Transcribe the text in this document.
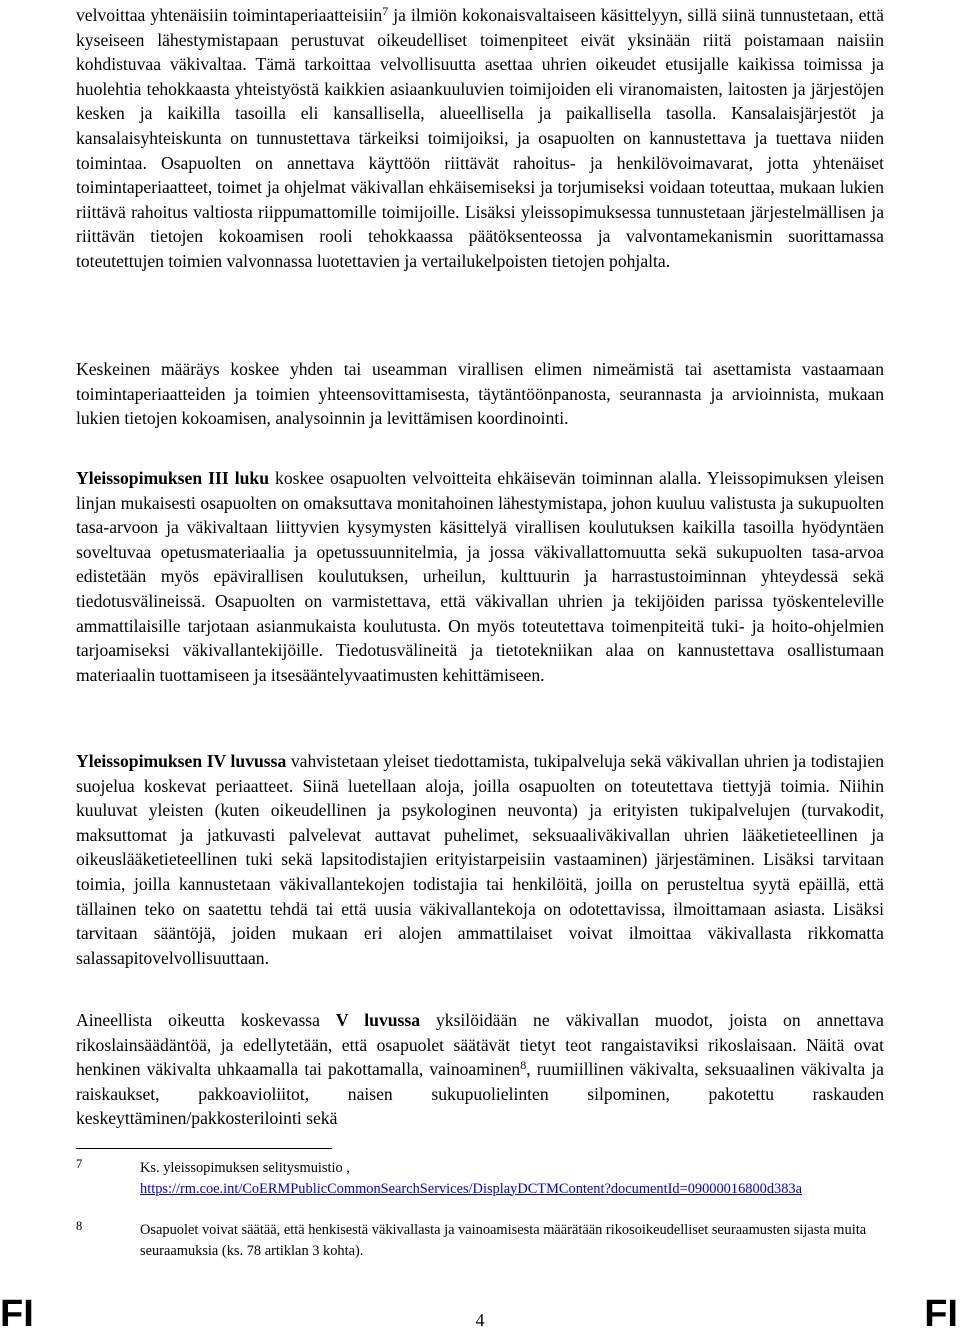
velvoittaa yhtenäisiin toimintaperiaatteisiin$^7$ ja ilmiön kokonaisvaltaiseen käsittelyyn, sillä siinä tunnustetaan, että kyseiseen lähestymistapaan perustuvat oikeudelliset toimenpiteet eivät yksinään riitä poistamaan naisiin kohdistuvaa väkivaltaa. Tämä tarkoittaa velvollisuutta asettaa uhrien oikeudet etusijalle kaikissa toimissa ja huolehtia tehokkaasta yhteistyöstä kaikkien asiaankuuluvien toimijoiden eli viranomaisten, laitosten ja järjestöjen kesken ja kaikilla tasoilla eli kansallisella, alueellisella ja paikallisella tasolla. Kansalaisjärjestöt ja kansalaisyhteiskunta on tunnustettava tärkeiksi toimijoiksi, ja osapuolten on kannustettava ja tuettava niiden toimintaa. Osapuolten on annettava käyttöön riittävät rahoitus- ja henkilövoimavarat, jotta yhtenäiset toimintaperiaatteet, toimet ja ohjelmat väkivallan ehkäisemiseksi ja torjumiseksi voidaan toteuttaa, mukaan lukien riittävä rahoitus valtiosta riippumattomille toimijoille. Lisäksi yleissopimuksessa tunnustetaan järjestelmällisen ja riittävän tietojen kokoamisen rooli tehokkaassa päätöksenteossa ja valvontamekanismin suorittamassa toteutettujen toimien valvonnassa luotettavien ja vertailukelpoisten tietojen pohjalta.

Keskeinen määräys koskee yhden tai useamman virallisen elimen nimeämistä tai asettamista vastaamaan toimintaperiaatteiden ja toimien yhteensovittamisesta, täytäntöönpanosta, seurannasta ja arvioinnista, mukaan lukien tietojen kokoamisen, analysoinnin ja levittämisen koordinointi.

Yleissopimuksen III luku koskee osapuolten velvoitteita ehkäisevän toiminnan alalla. Yleissopimuksen yleisen linjan mukaisesti osapuolten on omaksuttava monitahoinen lähestymistapa, johon kuuluu valistusta ja sukupuolten tasa-arvoon ja väkivaltaan liittyvien kysymysten käsittelyä virallisen koulutuksen kaikilla tasoilla hyödyntäen soveltuvaa opetusmateriaalia ja opetussuunnitelmia, ja jossa väkivallattomuutta sekä sukupuolten tasa-arvoa edistetään myös epävirallisen koulutuksen, urheilun, kulttuurin ja harrastustoiminnan yhteydessä sekä tiedotusvälineissä. Osapuolten on varmistettava, että väkivallan uhrien ja tekijöiden parissa työskenteleville ammattilaisille tarjotaan asianmukaista koulutusta. On myös toteutettava toimenpiteitä tuki- ja hoito-ohjelmien tarjoamiseksi väkivallantekijöille. Tiedotusvälineitä ja tietotekniikan alaa on kannustettava osallistumaan materiaalin tuottamiseen ja itsesääntelyvaatimusten kehittämiseen.

Yleissopimuksen IV luvussa vahvistetaan yleiset tiedottamista, tukipalveluja sekä väkivallan uhrien ja todistajien suojelua koskevat periaatteet. Siinä luetellaan aloja, joilla osapuolten on toteutettava tiettyjä toimia. Niihin kuuluvat yleisten (kuten oikeudellinen ja psykologinen neuvonta) ja erityisten tukipalvelujen (turvakodit, maksuttomat ja jatkuvasti palvelevat auttavat puhelimet, seksuaaliväkivallan uhrien lääketieteellinen ja oikeuslääketieteellinen tuki sekä lapsitodistajien erityistarpeisiin vastaaminen) järjestäminen. Lisäksi tarvitaan toimia, joilla kannustetaan väkivallantekojen todistajia tai henkilöitä, joilla on perusteltua syytä epäillä, että tällainen teko on saatettu tehdä tai että uusia väkivallantekoja on odotettavissa, ilmoittamaan asiasta. Lisäksi tarvitaan sääntöjä, joiden mukaan eri alojen ammattilaiset voivat ilmoittaa väkivallasta rikkomatta salassapitovelvollisuuttaan.

Aineellista oikeutta koskevassa V luvussa yksilöidään ne väkivallan muodot, joista on annettava rikoslainsäädäntöä, ja edellytetään, että osapuolet säätävät tietyt teot rangaistaviksi rikoslaisaan. Näitä ovat henkinen väkivalta uhkaamalla tai pakottamalla, vainoaminen$^8$, ruumiillinen väkivalta, seksuaalinen väkivalta ja raiskaukset, pakkoavioliitot, naisen sukupuolielinten silpominen, pakotettu raskauden keskeyttäminen/pakkosterilointi sekä

7	Ks. yleissopimuksen selitysmuistio ,
https://rm.coe.int/CoERMPublicCommonSearchServices/DisplayDCTMContent?documentId=09000016800d383a
8	Osapuolet voivat säätää, että henkisestä väkivallasta ja vainoamisesta määrätään rikosoikeudelliset seuraamusten sijasta muita seuraamuksia (ks. 78 artiklan 3 kohta).
FI	4	FI
